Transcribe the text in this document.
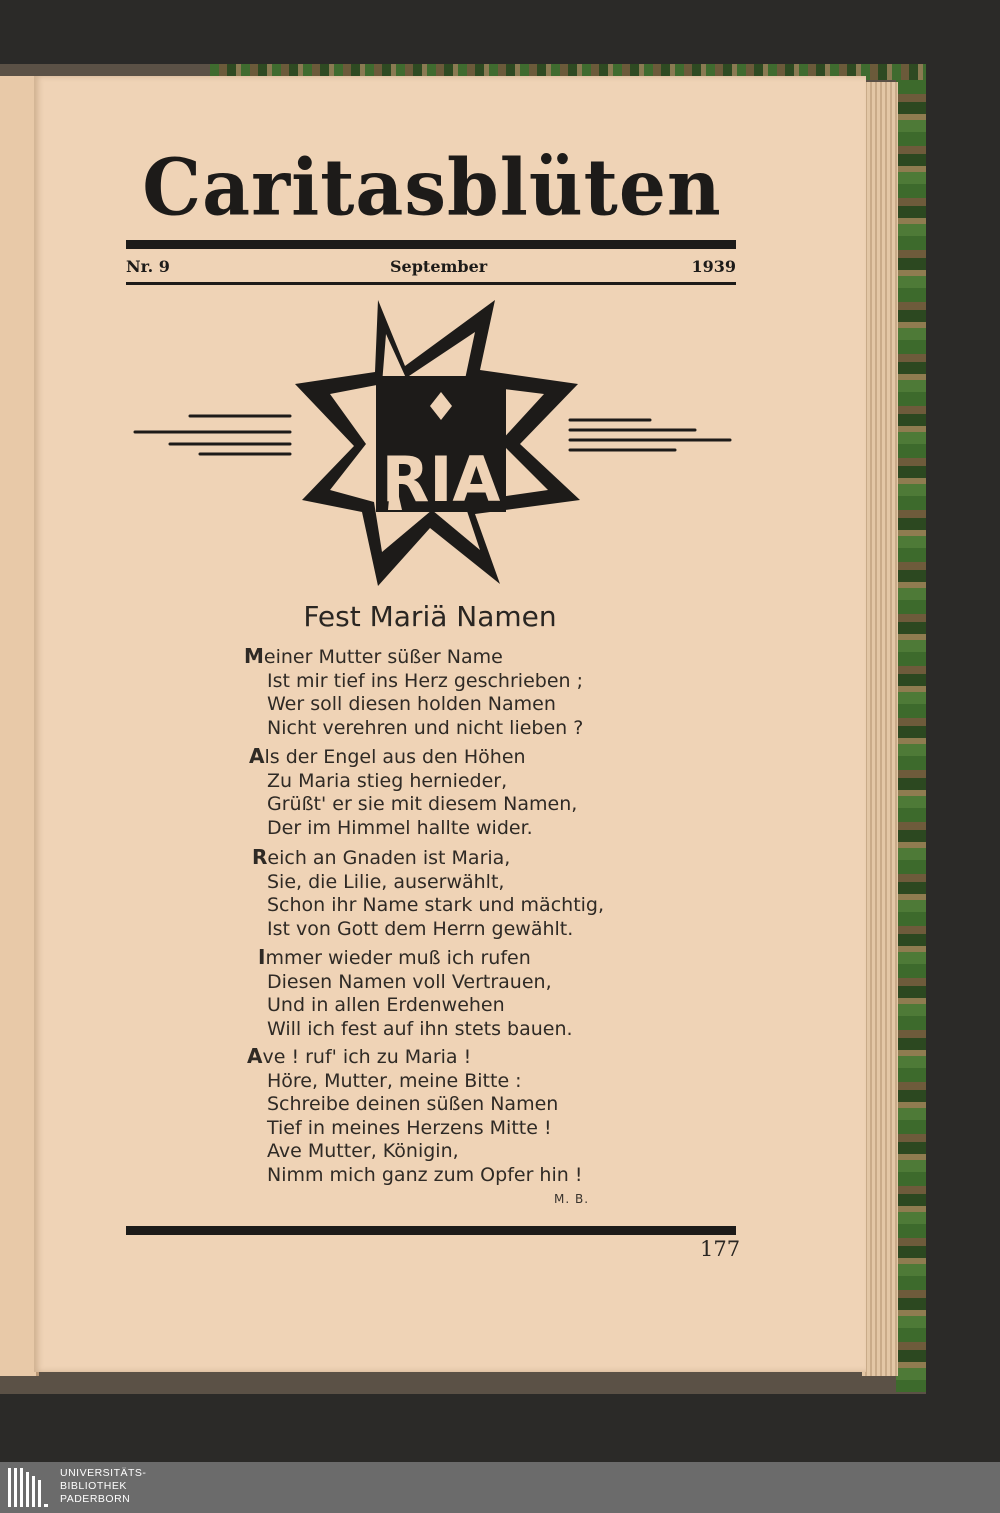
Caritasblüten
Nr. 9	September	1939
RIA
Fest Mariä Namen
Meiner Mutter süßer Name
Ist mir tief ins Herz geschrieben ;
Wer soll diesen holden Namen
Nicht verehren und nicht lieben ?
Als der Engel aus den Höhen
Zu Maria stieg hernieder,
Grüßt' er sie mit diesem Namen,
Der im Himmel hallte wider.
Reich an Gnaden ist Maria,
Sie, die Lilie, auserwählt,
Schon ihr Name stark und mächtig,
Ist von Gott dem Herrn gewählt.
Immer wieder muß ich rufen
Diesen Namen voll Vertrauen,
Und in allen Erdenwehen
Will ich fest auf ihn stets bauen.
Ave ! ruf' ich zu Maria !
Höre, Mutter, meine Bitte :
Schreibe deinen süßen Namen
Tief in meines Herzens Mitte !
Ave Mutter, Königin,
Nimm mich ganz zum Opfer hin !
M. B.
177
UNIVERSITÄTS-
BIBLIOTHEK
PADERBORN
